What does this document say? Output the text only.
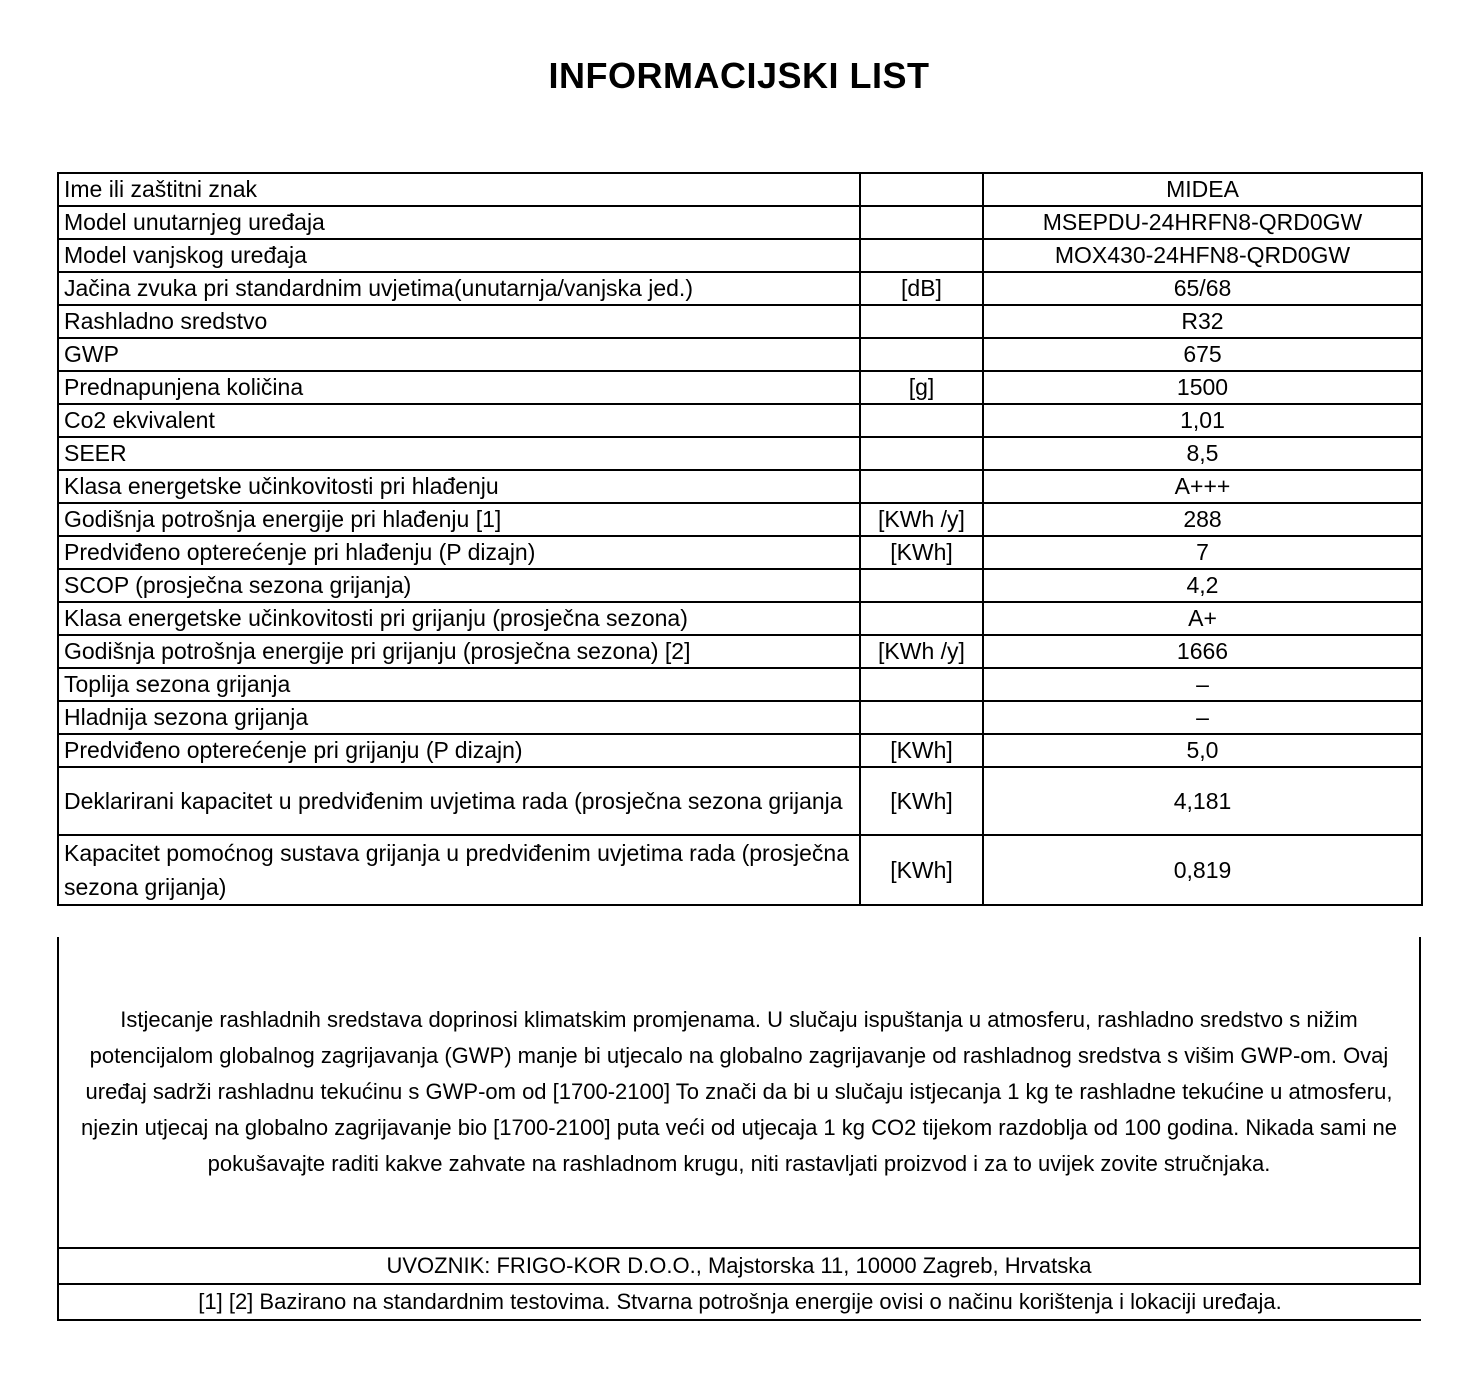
INFORMACIJSKI LIST
Ime ili zaštitni znak		MIDEA
Model unutarnjeg uređaja		MSEPDU-24HRFN8-QRD0GW
Model vanjskog uređaja		MOX430-24HFN8-QRD0GW
Jačina zvuka pri standardnim uvjetima(unutarnja/vanjska jed.)	[dB]	65/68
Rashladno sredstvo		R32
GWP		675
Prednapunjena količina	[g]	1500
Co2 ekvivalent		1,01
SEER		8,5
Klasa energetske učinkovitosti pri hlađenju		A+++
Godišnja potrošnja energije pri hlađenju [1]	[KWh /y]	288
Predviđeno opterećenje pri hlađenju (P dizajn)	[KWh]	7
SCOP (prosječna sezona grijanja)		4,2
Klasa energetske učinkovitosti pri grijanju (prosječna sezona)		A+
Godišnja potrošnja energije pri grijanju (prosječna sezona) [2]	[KWh /y]	1666
Toplija sezona grijanja		–
Hladnija sezona grijanja		–
Predviđeno opterećenje pri grijanju (P dizajn)	[KWh]	5,0
Deklarirani kapacitet u predviđenim uvjetima rada (prosječna sezona grijanja	[KWh]	4,181
Kapacitet pomoćnog sustava grijanja u predviđenim uvjetima rada (prosječna sezona grijanja)	[KWh]	0,819

Istjecanje rashladnih sredstava doprinosi klimatskim promjenama. U slučaju ispuštanja u atmosferu, rashladno sredstvo s nižim potencijalom globalnog zagrijavanja (GWP) manje bi utjecalo na globalno zagrijavanje od rashladnog sredstva s višim GWP-om. Ovaj uređaj sadrži rashladnu tekućinu s GWP-om od [1700-2100] To znači da bi u slučaju istjecanja 1 kg te rashladne tekućine u atmosferu, njezin utjecaj na globalno zagrijavanje bio [1700-2100] puta veći od utjecaja 1 kg CO2 tijekom razdoblja od 100 godina. Nikada sami ne pokušavajte raditi kakve zahvate na rashladnom krugu, niti rastavljati proizvod i za to uvijek zovite stručnjaka.

UVOZNIK: FRIGO-KOR D.O.O., Majstorska 11, 10000 Zagreb, Hrvatska
[1] [2] Bazirano na standardnim testovima. Stvarna potrošnja energije ovisi o načinu korištenja i lokaciji uređaja.
